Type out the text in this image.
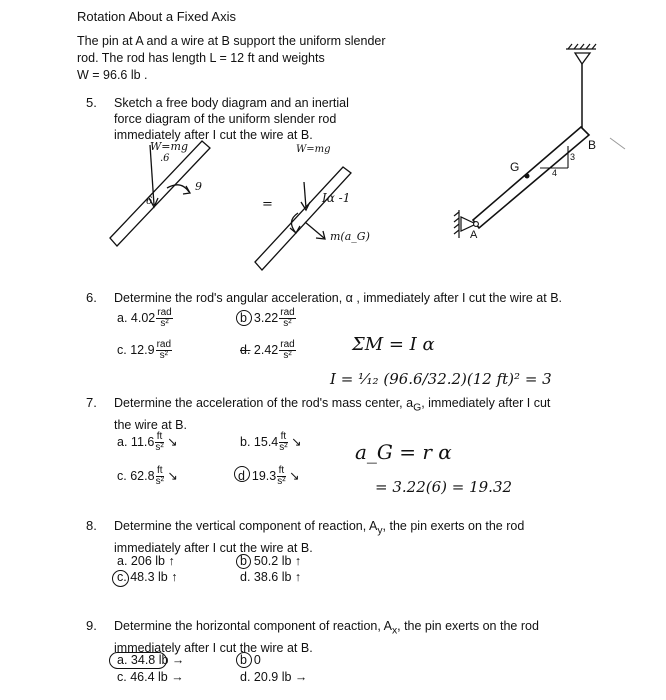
Rotation About a Fixed Axis
The pin at A and a wire at B support the uniform slender
rod. The rod has length L = 12 ft and weights
W = 96.6 lb .
B
G
A
3
4
W=mg
.6
9
=
W=mg
Iα -1
m(a_G)
6
5. Sketch a free body diagram and an inertial
force diagram of the uniform slender rod
immediately after I cut the wire at B.
6. Determine the rod's angular acceleration, α , immediately after I cut the wire at B.
a. $4.02 \frac{\text{rad}}{\text{s²}}$	b $3.22 \frac{\text{rad}}{\text{s²}}$
c. $12.9 \frac{\text{rad}}{\text{s²}}$	d. $2.42 \frac{\text{rad}}{\text{s²}}$	ΣM = I α
I = ¹⁄₁₂ (96.6/32.2)(12 ft)² = 3
7. Determine the acceleration of the rod's mass center, $a_G$, immediately after I cut
the wire at B.
a. $11.6 \frac{ft}{\text{s²}}$ ↘	b. $15.4 \frac{ft}{\text{s²}}$ ↘
c. $62.8 \frac{ft}{\text{s²}}$ ↘	d $19.3 \frac{ft}{\text{s²}}$ ↘
a_G = r α
= 3.22(6) = 19.32
8. Determine the vertical component of reaction, $A_y$, the pin exerts on the rod
immediately after I cut the wire at B.
a. 206 lb ↑	b 50.2 lb ↑
c. 48.3 lb ↑	d. 38.6 lb ↑
9. Determine the horizontal component of reaction, $A_x$, the pin exerts on the rod
immediately after I cut the wire at B.
a. 34.8 lb →	b 0
c. 46.4 lb →	d. 20.9 lb →
